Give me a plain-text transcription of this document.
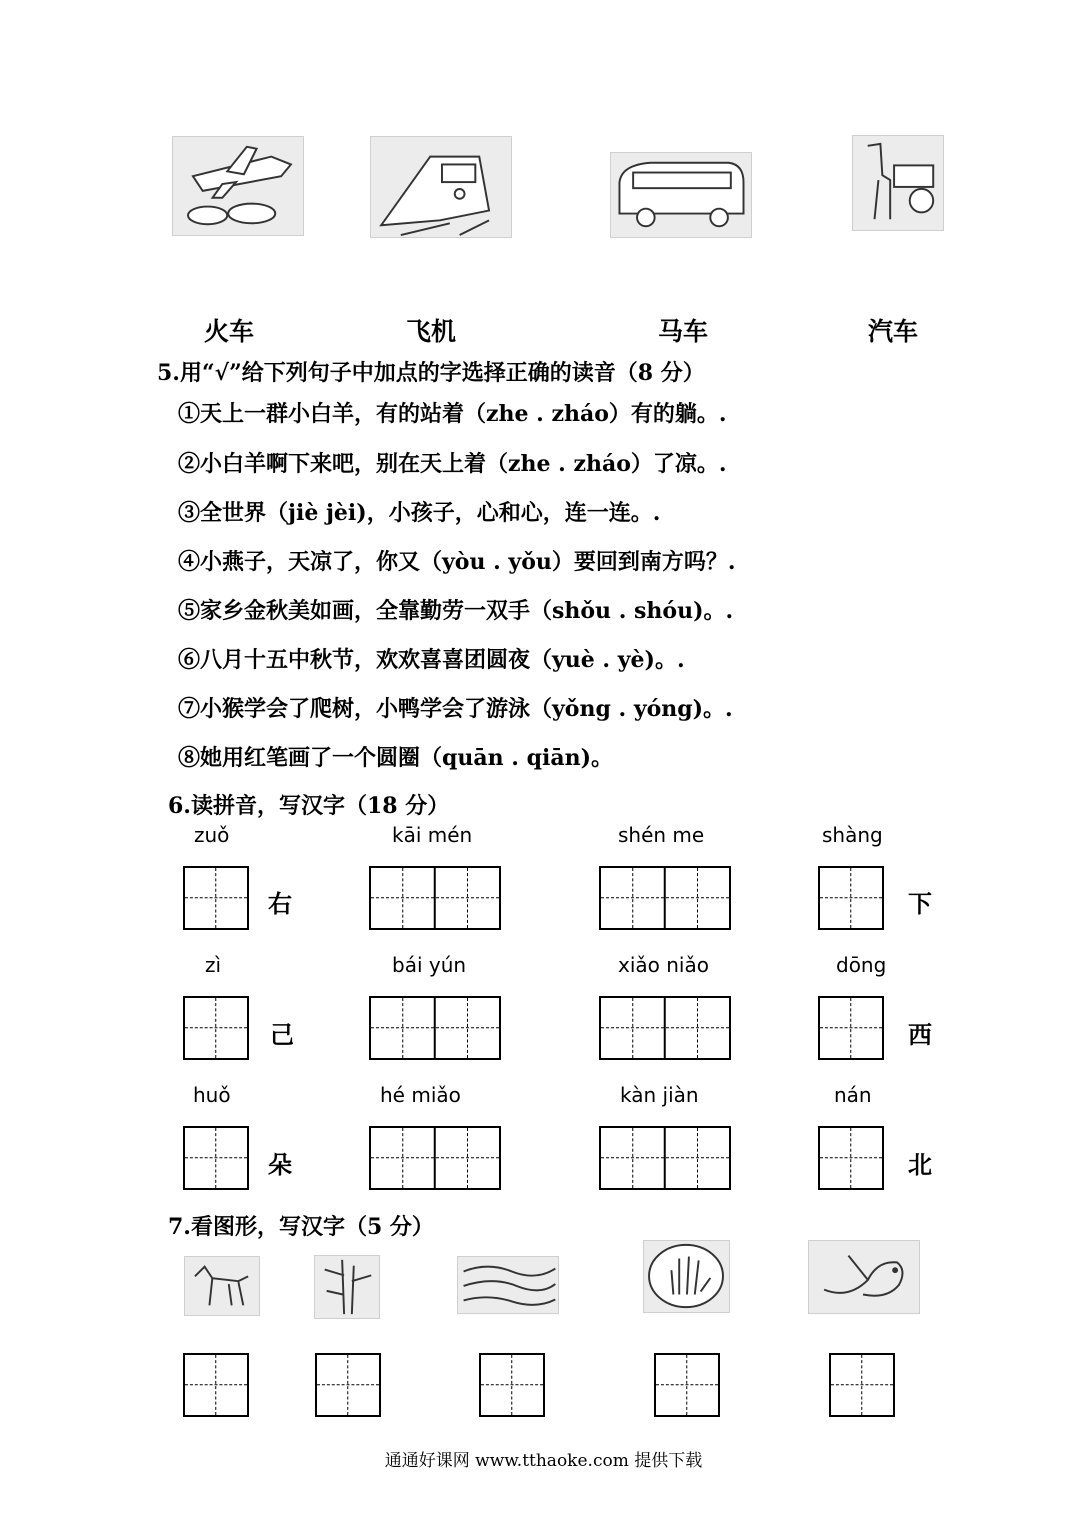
火车	飞机	马车	汽车
5.用“√”给下列句子中加点的字选择正确的读音（8 分）
①天上一群小白羊，有的站着（zhe . zháo）有的躺。.
②小白羊啊下来吧，别在天上着（zhe . zháo）了凉。.
③全世界（jiè jèi)，小孩子，心和心，连一连。.
④小燕子，天凉了，你又（yòu . yǒu）要回到南方吗？.
⑤家乡金秋美如画，全靠勤劳一双手（shǒu . shóu)。.
⑥八月十五中秋节，欢欢喜喜团圆夜（yuè . yè)。.
⑦小猴学会了爬树，小鸭学会了游泳（yǒng . yóng)。.
⑧她用红笔画了一个圆圈（quān . qiān)。
6.读拼音，写汉字（18 分）
zuǒ	kāi mén	shén me	shàng
右	下
zì	bái yún	xiǎo niǎo	dōng
己	西
huǒ	hé miǎo	kàn jiàn	nán
朵	北
7.看图形，写汉字（5 分）
通通好课网 www.tthaoke.com 提供下载
